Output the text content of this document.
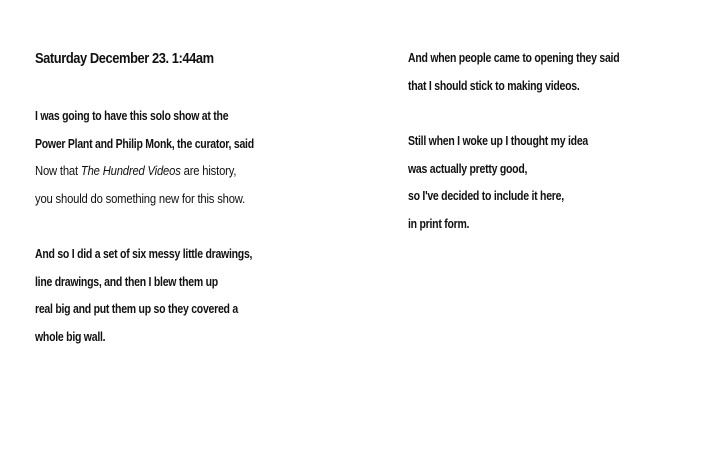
Saturday December 23. 1:44am
I was going to have this solo show at the
Power Plant and Philip Monk, the curator, said
Now that The Hundred Videos are history,
you should do something new for this show.
And so I did a set of six messy little drawings,
line drawings, and then I blew them up
real big and put them up so they covered a
whole big wall.
And when people came to opening they said
that I should stick to making videos.
Still when I woke up I thought my idea
was actually pretty good,
so I've decided to include it here,
in print form.
